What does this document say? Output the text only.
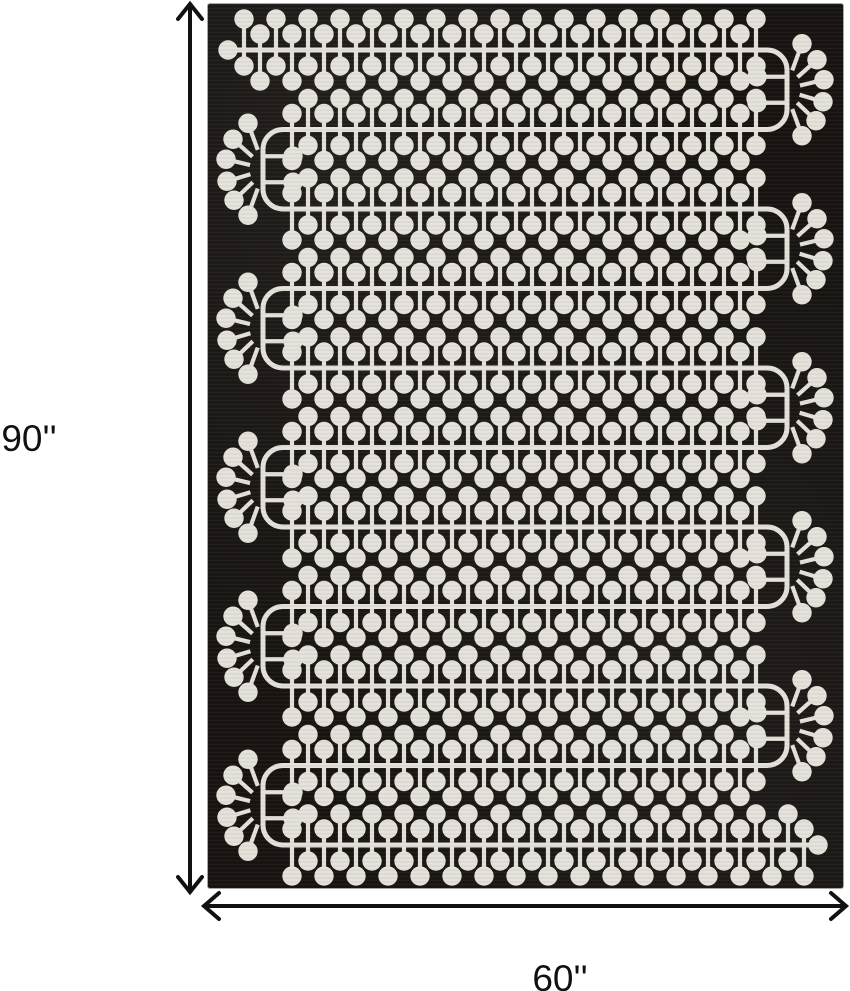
90''
60''
